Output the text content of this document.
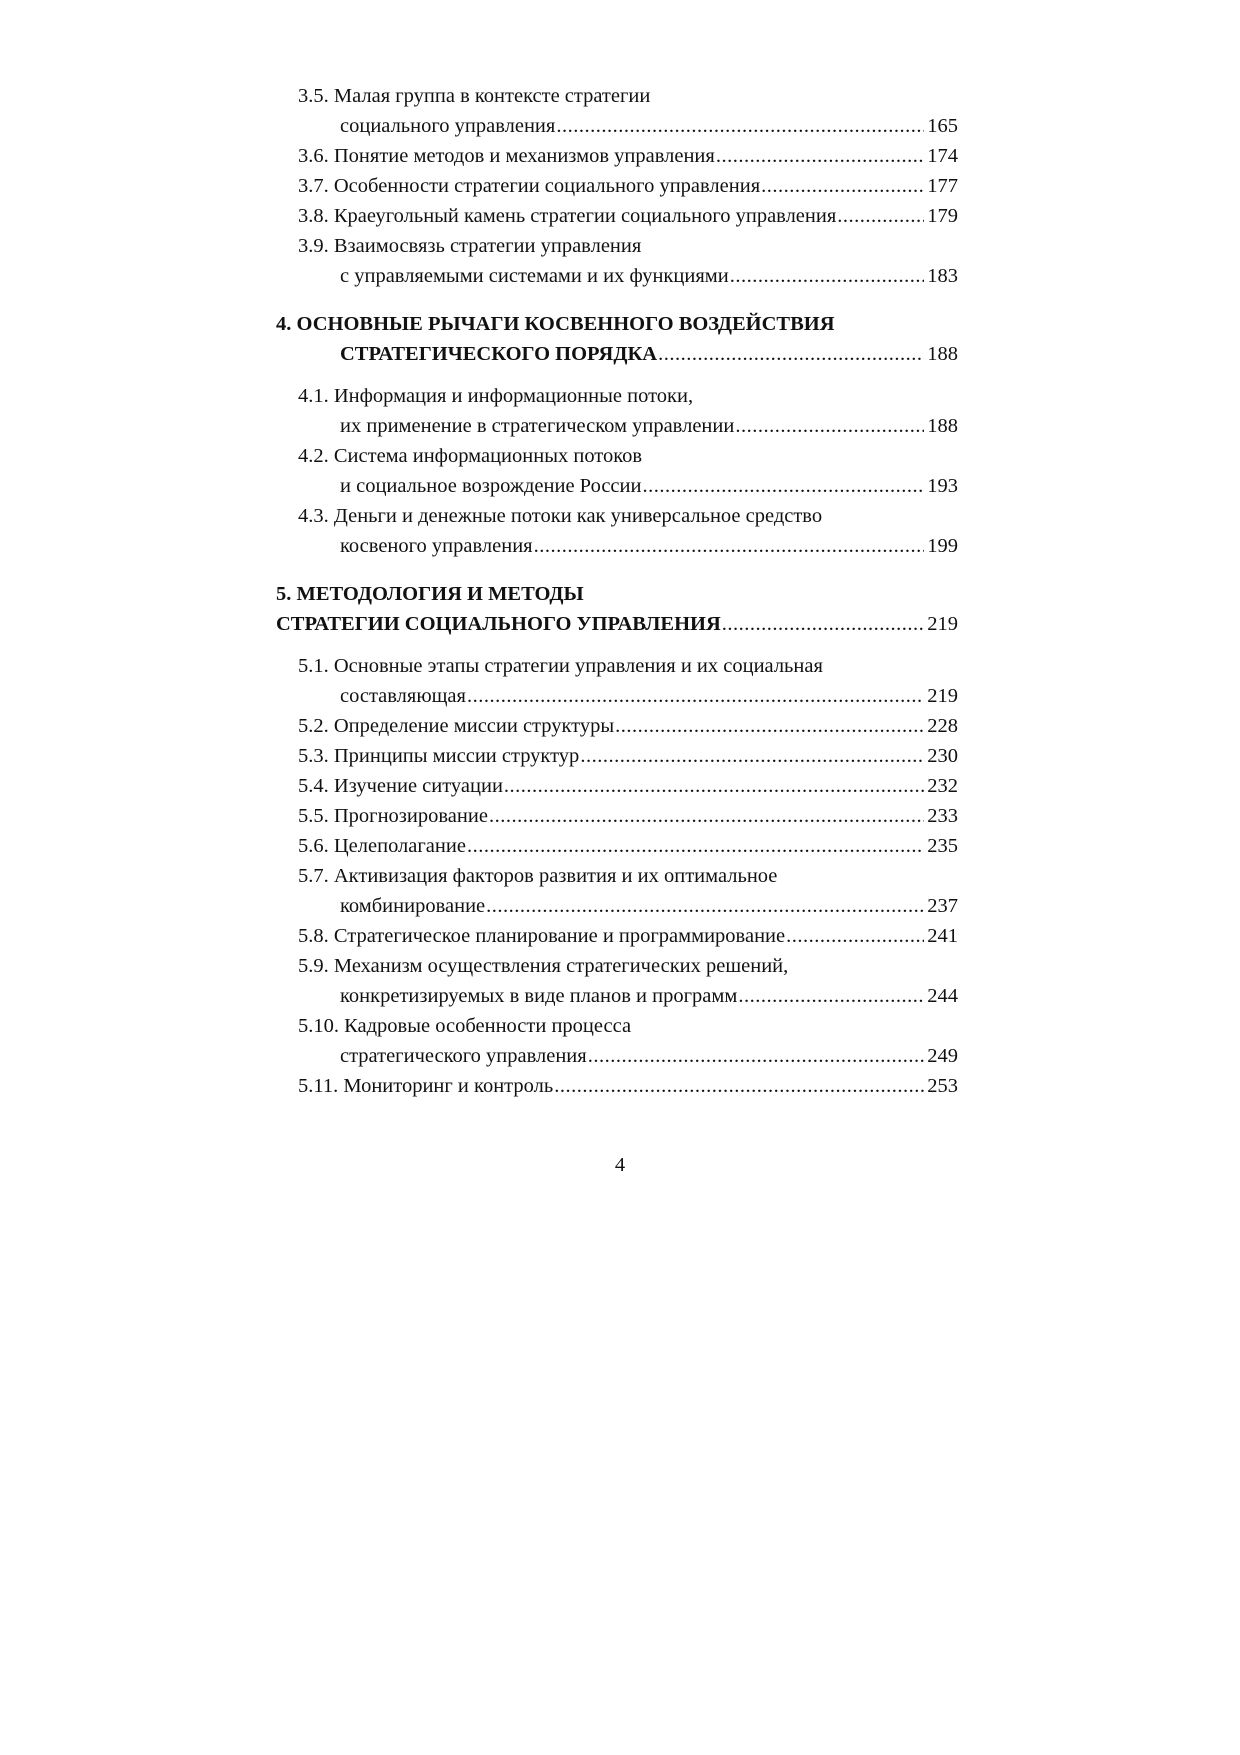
3.5. Малая группа в контексте стратегии
социального управления .....	165
3.6. Понятие методов и механизмов управления .....	174
3.7. Особенности стратегии социального управления .....	177
3.8. Краеугольный камень стратегии социального управления .....	179
3.9. Взаимосвязь стратегии управления
с управляемыми системами и их функциями .....	183
4. ОСНОВНЫЕ РЫЧАГИ КОСВЕННОГО ВОЗДЕЙСТВИЯ
СТРАТЕГИЧЕСКОГО ПОРЯДКА .....	188
4.1. Информация и информационные потоки,
их применение в стратегическом управлении .....	188
4.2. Система информационных потоков
и социальное возрождение России .....	193
4.3. Деньги и денежные потоки как универсальное средство
косвеного управления .....	199
5. МЕТОДОЛОГИЯ И МЕТОДЫ
СТРАТЕГИИ СОЦИАЛЬНОГО УПРАВЛЕНИЯ .....	219
5.1. Основные этапы стратегии управления и их социальная
составляющая .....	219
5.2. Определение миссии структуры .....	228
5.3. Принципы миссии структур .....	230
5.4. Изучение ситуации .....	232
5.5. Прогнозирование .....	233
5.6. Целеполагание .....	235
5.7. Активизация факторов развития и их оптимальное
комбинирование .....	237
5.8. Стратегическое планирование и программирование .....	241
5.9. Механизм осуществления стратегических решений,
конкретизируемых в виде планов и программ .....	244
5.10. Кадровые особенности процесса
стратегического управления .....	249
5.11. Мониторинг и контроль .....	253
4
